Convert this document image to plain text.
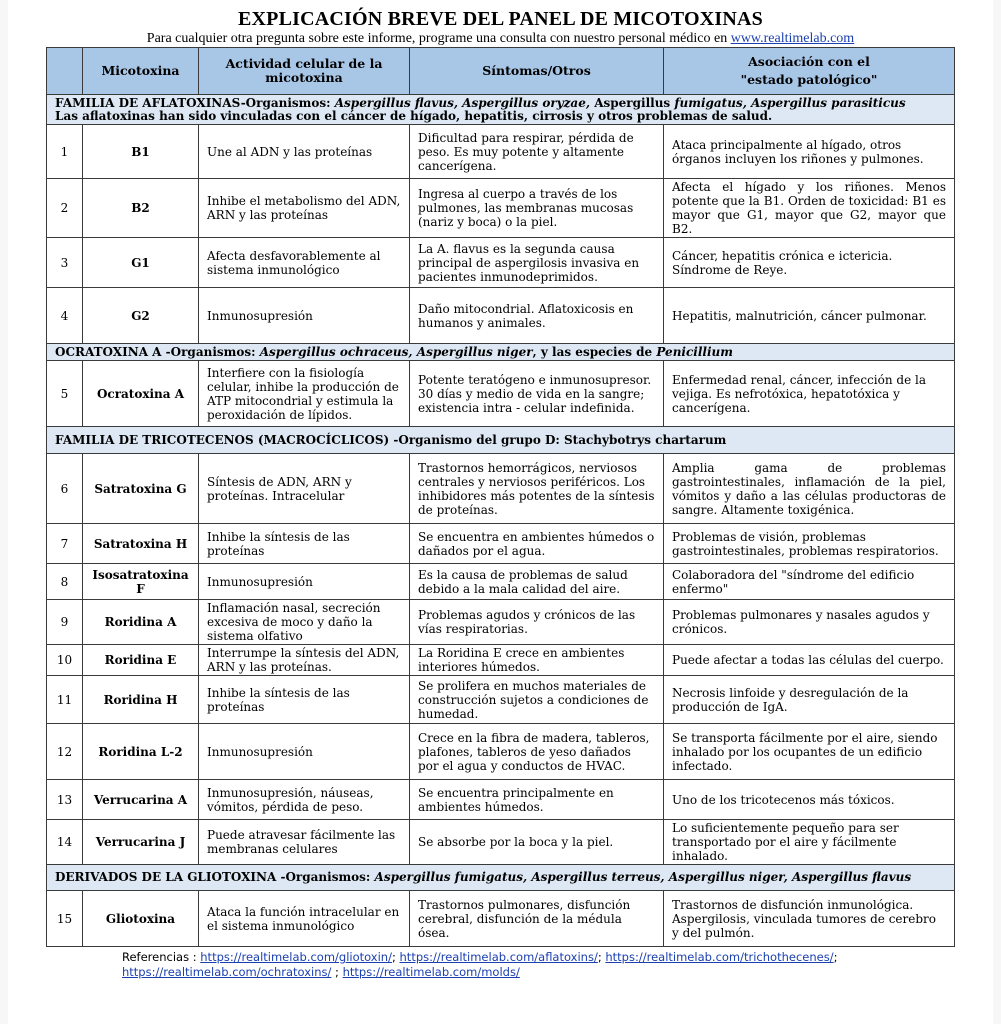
EXPLICACIÓN BREVE DEL PANEL DE MICOTOXINAS
Para cualquier otra pregunta sobre este informe, programe una consulta con nuestro personal médico en www.realtimelab.com
	Micotoxina	Actividad celular de la micotoxina	Síntomas/Otros	Asociación con el
"estado patológico"

FAMILIA DE AFLATOXINAS-Organismos: Aspergillus flavus, Aspergillus oryzae, Aspergillus fumigatus, Aspergillus parasiticus
Las aflatoxinas han sido vinculadas con el cáncer de hígado, hepatitis, cirrosis y otros problemas de salud.				
1	B1	Une al ADN y las proteínas	Dificultad para respirar, pérdida de peso. Es muy potente y altamente cancerígena.	Ataca principalmente al hígado, otros órganos incluyen los riñones y pulmones.
2	B2	Inhibe el metabolismo del ADN, ARN y las proteínas	Ingresa al cuerpo a través de los pulmones, las membranas mucosas (nariz y boca) o la piel.	Afecta el hígado y los riñones. Menos potente que la B1. Orden de toxicidad: B1 es mayor que G1, mayor que G2, mayor que B2.
3	G1	Afecta desfavorablemente al sistema inmunológico	La A. flavus es la segunda causa principal de aspergilosis invasiva en pacientes inmunodeprimidos.	Cáncer, hepatitis crónica e ictericia. Síndrome de Reye.
4	G2	Inmunosupresión	Daño mitocondrial. Aflatoxicosis en humanos y animales.	Hepatitis, malnutrición, cáncer pulmonar.
OCRATOXINA A -Organismos: Aspergillus ochraceus, Aspergillus niger, y las especies de Penicillium				
5	Ocratoxina A	Interfiere con la fisiología celular, inhibe la producción de ATP mitocondrial y estimula la peroxidación de lípidos.	Potente teratógeno e inmunosupresor. 30 días y medio de vida en la sangre; existencia intra - celular indefinida.	Enfermedad renal, cáncer, infección de la vejiga. Es nefrotóxica, hepatotóxica y cancerígena.
FAMILIA DE TRICOTECENOS (MACROCÍCLICOS) -Organismo del grupo D: Stachybotrys chartarum				
6	Satratoxina G	Síntesis de ADN, ARN y proteínas. Intracelular	Trastornos hemorrágicos, nerviosos centrales y nerviosos periféricos. Los inhibidores más potentes de la síntesis de proteínas.	Amplia gama de problemas gastrointestinales, inflamación de la piel, vómitos y daño a las células productoras de sangre. Altamente toxigénica.
7	Satratoxina H	Inhibe la síntesis de las proteínas	Se encuentra en ambientes húmedos o dañados por el agua.	Problemas de visión, problemas gastrointestinales, problemas respiratorios.
8	Isosatratoxina F	Inmunosupresión	Es la causa de problemas de salud debido a la mala calidad del aire.	Colaboradora del "síndrome del edificio enfermo"
9	Roridina A	Inflamación nasal, secreción excesiva de moco y daño la sistema olfativo	Problemas agudos y crónicos de las vías respiratorias.	Problemas pulmonares y nasales agudos y crónicos.
10	Roridina E	Interrumpe la síntesis del ADN, ARN y las proteínas.	La Roridina E crece en ambientes interiores húmedos.	Puede afectar a todas las células del cuerpo.
11	Roridina H	Inhibe la síntesis de las proteínas	Se prolifera en muchos materiales de construcción sujetos a condiciones de humedad.	Necrosis linfoide y desregulación de la producción de IgA.
12	Roridina L-2	Inmunosupresión	Crece en la fibra de madera, tableros, plafones, tableros de yeso dañados por el agua y conductos de HVAC.	Se transporta fácilmente por el aire, siendo inhalado por los ocupantes de un edificio infectado.
13	Verrucarina A	Inmunosupresión, náuseas, vómitos, pérdida de peso.	Se encuentra principalmente en ambientes húmedos.	Uno de los tricotecenos más tóxicos.
14	Verrucarina J	Puede atravesar fácilmente las membranas celulares	Se absorbe por la boca y la piel.	Lo suficientemente pequeño para ser transportado por el aire y fácilmente inhalado.
DERIVADOS DE LA GLIOTOXINA -Organismos: Aspergillus fumigatus, Aspergillus terreus, Aspergillus niger, Aspergillus flavus				
15	Gliotoxina	Ataca la función intracelular en el sistema inmunológico	Trastornos pulmonares, disfunción cerebral, disfunción de la médula ósea.	Trastornos de disfunción inmunológica. Aspergilosis, vinculada tumores de cerebro y del pulmón.
Referencias : https://realtimelab.com/gliotoxin/; https://realtimelab.com/aflatoxins/; https://realtimelab.com/trichothecenes/;
https://realtimelab.com/ochratoxins/ ; https://realtimelab.com/molds/
